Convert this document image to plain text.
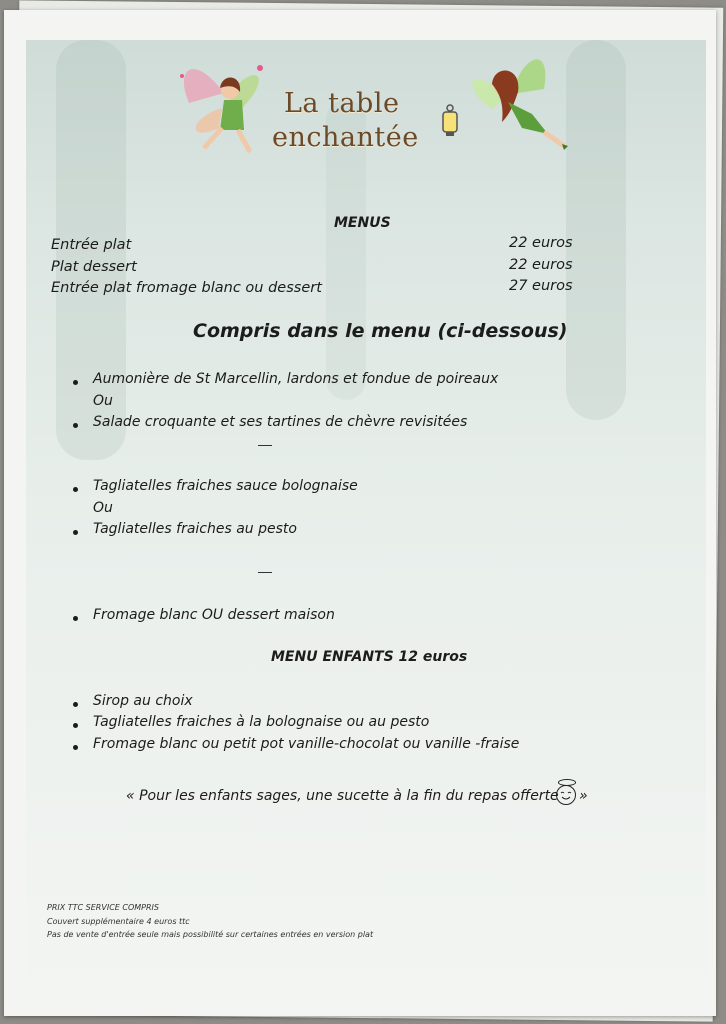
La table
enchantée
MENUS
Entrée plat	22 euros
Plat dessert	22 euros
Entrée plat fromage blanc ou dessert	27 euros
Compris dans le menu (ci-dessous)
Aumonière de St Marcellin, lardons et fondue de poireaux
Ou
Salade croquante et ses tartines de chèvre revisitées
Tagliatelles fraiches sauce bolognaise
Ou
Tagliatelles fraiches au pesto
Fromage blanc OU dessert maison
MENU ENFANTS 12 euros
Sirop au choix
Tagliatelles fraiches à la bolognaise ou au pesto
Fromage blanc ou petit pot vanille-chocolat ou vanille -fraise
« Pour les enfants sages, une sucette à la fin du repas offerte »
PRIX TTC SERVICE COMPRIS
Couvert supplémentaire 4 euros ttc
Pas de vente d'entrée seule mais possibilité sur certaines entrées en version plat
